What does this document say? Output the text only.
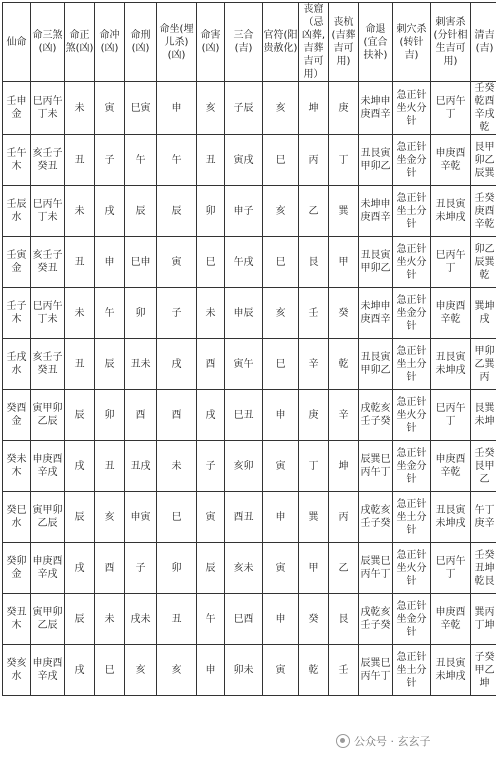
仙命	命三煞(凶)	命正煞(凶)	命冲(凶)	命刑(凶)	命坐(埋儿杀)(凶)	命害(凶)	三合(吉)	官符(阳贵赦化)	丧窟（忌凶葬,吉葬吉可用）	丧杭(吉葬吉可用)	命退(宜合扶补)	刺穴杀(转针吉)	刺害杀(分针相生吉可用)	清吉(吉)
壬申金	巳丙午丁未	未	寅	巳寅	申	亥	子辰	亥	坤	庚	未坤申庚酉辛	急正针坐火分针	巳丙午丁	壬癸乾酉辛戌乾
壬午木	亥壬子癸丑	丑	子	午	午	丑	寅戌	巳	丙	丁	丑艮寅甲卯乙	急正针坐金分针	申庚酉辛乾	艮甲卯乙辰巽
壬辰水	巳丙午丁未	未	戌	辰	辰	卯	申子	亥	乙	巽	未坤申庚酉辛	急正针坐土分针	丑艮寅未坤戌	壬癸庚酉辛乾
壬寅金	亥壬子癸丑	丑	申	巳申	寅	巳	午戌	巳	艮	甲	丑艮寅甲卯乙	急正针坐火分针	巳丙午丁	卯乙辰巽乾
壬子木	巳丙午丁未	未	午	卯	子	未	申辰	亥	壬	癸	未坤申庚酉辛	急正针坐金分针	申庚酉辛乾	巽坤戌
壬戌水	亥壬子癸丑	丑	辰	丑未	戌	酉	寅午	巳	辛	乾	丑艮寅甲卯乙	急正针坐土分针	丑艮寅未坤戌	甲卯乙巽丙
癸酉金	寅甲卯乙辰	辰	卯	酉	酉	戌	巳丑	申	庚	辛	戌乾亥壬子癸	急正针坐火分针	巳丙午丁	艮巽未坤
癸未木	申庚酉辛戌	戌	丑	丑戌	未	子	亥卯	寅	丁	坤	辰巽巳丙午丁	急正针坐金分针	申庚酉辛乾	壬癸艮甲乙
癸巳水	寅甲卯乙辰	辰	亥	申寅	巳	寅	酉丑	申	巽	丙	戌乾亥壬子癸	急正针坐土分针	丑艮寅未坤戌	午丁庚辛
癸卯金	申庚酉辛戌	戌	酉	子	卯	辰	亥未	寅	甲	乙	辰巽巳丙午丁	急正针坐火分针	巳丙午丁	壬癸丑坤乾艮
癸丑木	寅甲卯乙辰	辰	未	戌未	丑	午	巳酉	申	癸	艮	戌乾亥壬子癸	急正针坐金分针	申庚酉辛乾	巽丙丁坤
癸亥水	申庚酉辛戌	戌	巳	亥	亥	申	卯未	寅	乾	壬	辰巽巳丙午丁	急正针坐土分针	丑艮寅未坤戌	子癸甲乙坤
公众号 · 玄玄子
